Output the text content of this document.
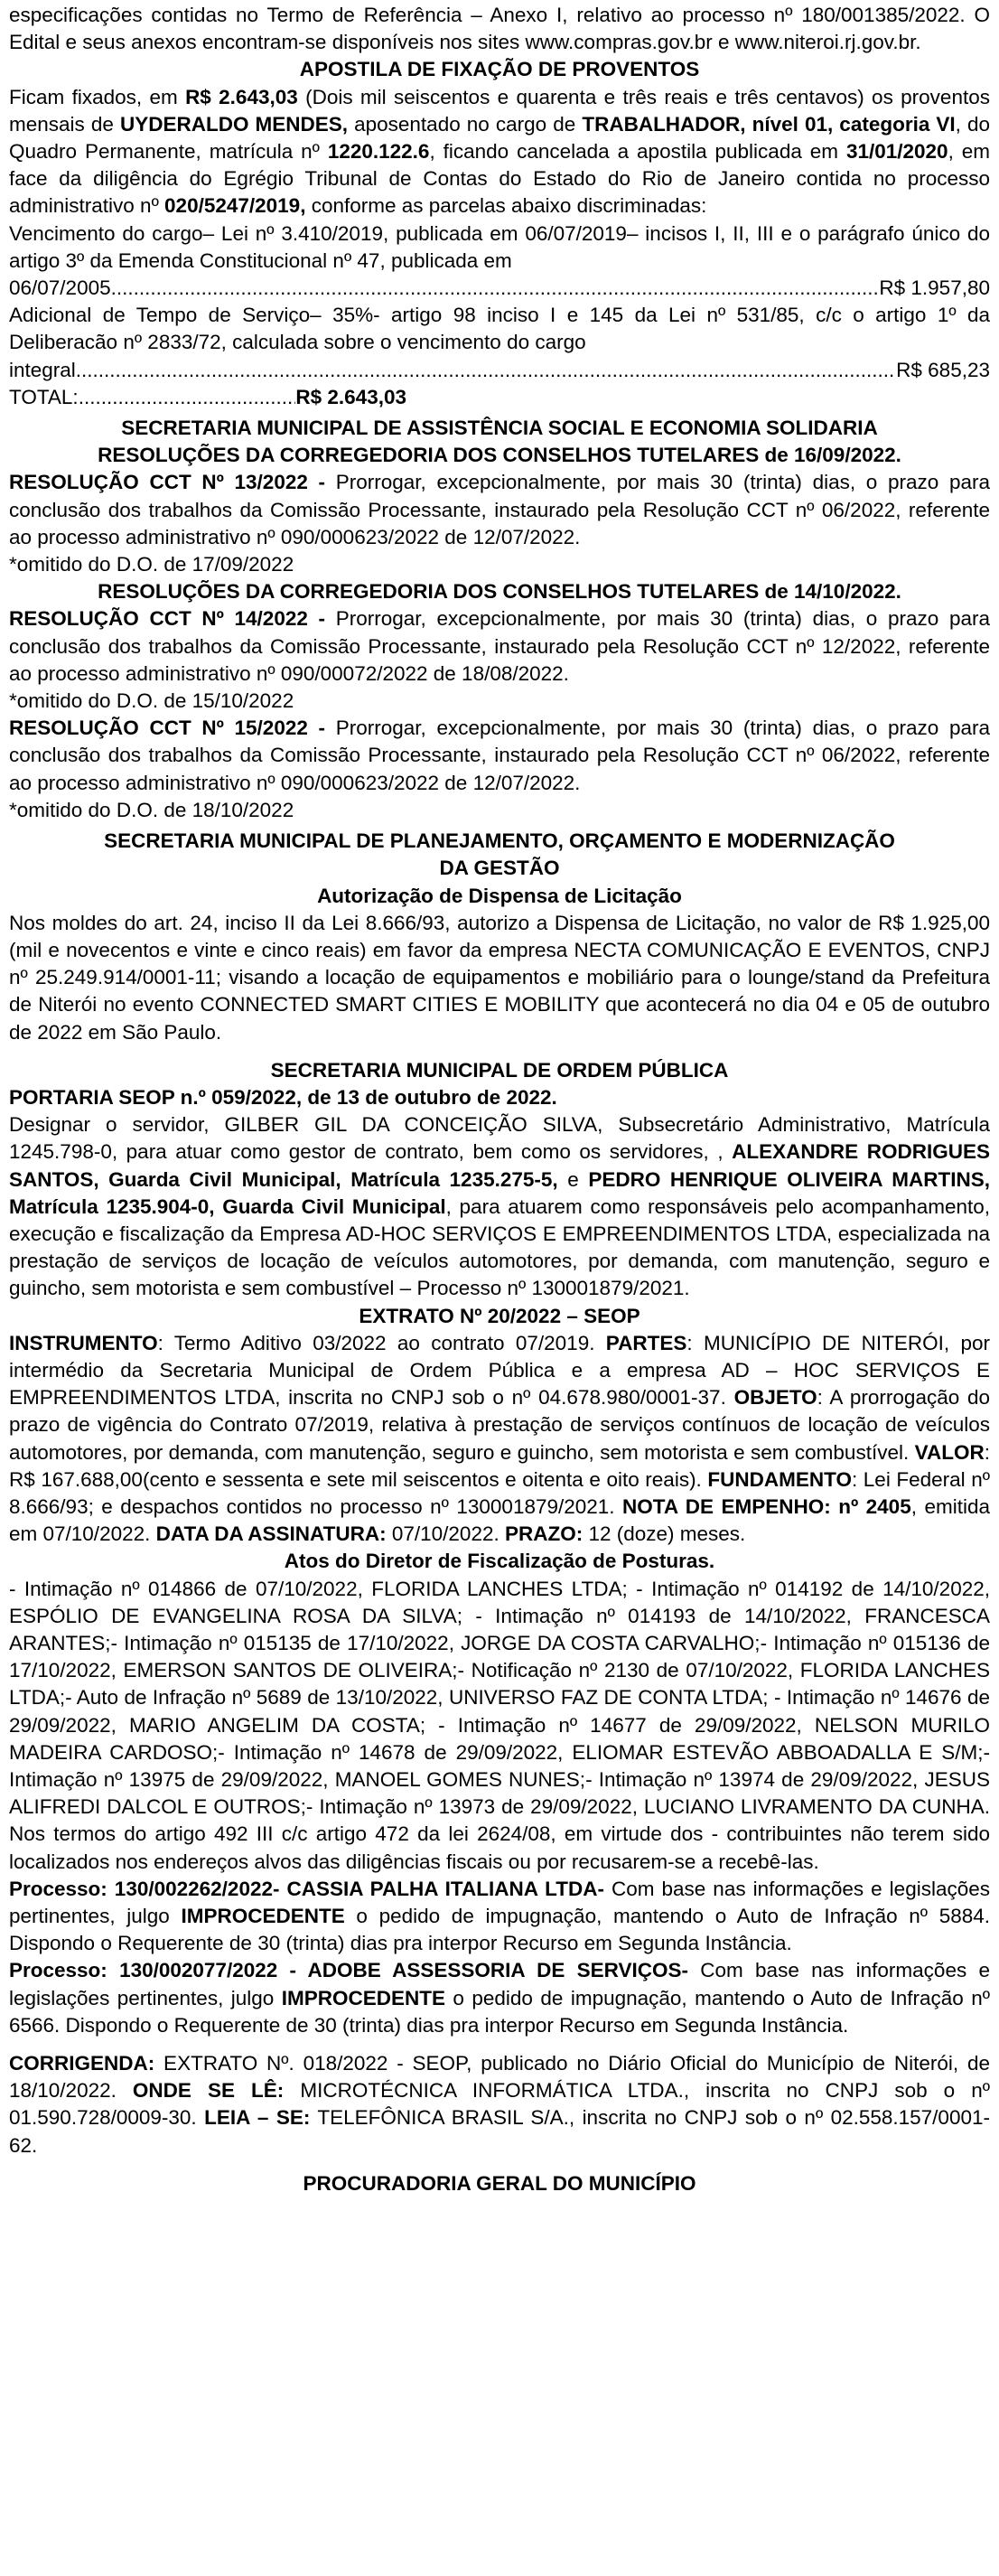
especificações contidas no Termo de Referência – Anexo I, relativo ao processo nº 180/001385/2022. O Edital e seus anexos encontram-se disponíveis nos sites www.compras.gov.br e www.niteroi.rj.gov.br.

APOSTILA DE FIXAÇÃO DE PROVENTOS

Ficam fixados, em R$ 2.643,03 (Dois mil seiscentos e quarenta e três reais e três centavos) os proventos mensais de UYDERALDO MENDES, aposentado no cargo de TRABALHADOR, nível 01, categoria VI, do Quadro Permanente, matrícula nº 1220.122.6, ficando cancelada a apostila publicada em 31/01/2020, em face da diligência do Egrégio Tribunal de Contas do Estado do Rio de Janeiro contida no processo administrativo nº 020/5247/2019, conforme as parcelas abaixo discriminadas:

Vencimento do cargo– Lei nº 3.410/2019, publicada em 06/07/2019– incisos I, II, III e o parágrafo único do artigo 3º da Emenda Constitucional nº 47, publicada em

06/07/2005 .....	R$ 1.957,80

Adicional de Tempo de Serviço– 35%- artigo 98 inciso I e 145 da Lei nº 531/85, c/c o artigo 1º da Deliberacão nº 2833/72, calculada sobre o vencimento do cargo

integral .....	R$ 685,23
TOTAL: .....	R$ 2.643,03
SECRETARIA MUNICIPAL DE ASSISTÊNCIA SOCIAL E ECONOMIA SOLIDARIA
RESOLUÇÕES DA CORREGEDORIA DOS CONSELHOS TUTELARES de 16/09/2022.

RESOLUÇÃO CCT Nº 13/2022 - Prorrogar, excepcionalmente, por mais 30 (trinta) dias, o prazo para conclusão dos trabalhos da Comissão Processante, instaurado pela Resolução CCT nº 06/2022, referente ao processo administrativo nº 090/000623/2022 de 12/07/2022.

*omitido do D.O. de 17/09/2022

RESOLUÇÕES DA CORREGEDORIA DOS CONSELHOS TUTELARES de 14/10/2022.

RESOLUÇÃO CCT Nº 14/2022 - Prorrogar, excepcionalmente, por mais 30 (trinta) dias, o prazo para conclusão dos trabalhos da Comissão Processante, instaurado pela Resolução CCT nº 12/2022, referente ao processo administrativo nº 090/00072/2022 de 18/08/2022.

*omitido do D.O. de 15/10/2022

RESOLUÇÃO CCT Nº 15/2022 - Prorrogar, excepcionalmente, por mais 30 (trinta) dias, o prazo para conclusão dos trabalhos da Comissão Processante, instaurado pela Resolução CCT nº 06/2022, referente ao processo administrativo nº 090/000623/2022 de 12/07/2022.

*omitido do D.O. de 18/10/2022

SECRETARIA MUNICIPAL DE PLANEJAMENTO, ORÇAMENTO E MODERNIZAÇÃO
DA GESTÃO
Autorização de Dispensa de Licitação

Nos moldes do art. 24, inciso II da Lei 8.666/93, autorizo a Dispensa de Licitação, no valor de R$ 1.925,00 (mil e novecentos e vinte e cinco reais) em favor da empresa NECTA COMUNICAÇÃO E EVENTOS, CNPJ nº 25.249.914/0001-11; visando a locação de equipamentos e mobiliário para o lounge/stand da Prefeitura de Niterói no evento CONNECTED SMART CITIES E MOBILITY que acontecerá no dia 04 e 05 de outubro de 2022 em São Paulo.

SECRETARIA MUNICIPAL DE ORDEM PÚBLICA

PORTARIA SEOP n.º 059/2022, de 13 de outubro de 2022.

Designar o servidor, GILBER GIL DA CONCEIÇÃO SILVA, Subsecretário Administrativo, Matrícula 1245.798-0, para atuar como gestor de contrato, bem como os servidores, , ALEXANDRE RODRIGUES SANTOS, Guarda Civil Municipal, Matrícula 1235.275-5, e PEDRO HENRIQUE OLIVEIRA MARTINS, Matrícula 1235.904-0, Guarda Civil Municipal, para atuarem como responsáveis pelo acompanhamento, execução e fiscalização da Empresa AD-HOC SERVIÇOS E EMPREENDIMENTOS LTDA, especializada na prestação de serviços de locação de veículos automotores, por demanda, com manutenção, seguro e guincho, sem motorista e sem combustível – Processo nº 130001879/2021.

EXTRATO Nº 20/2022 – SEOP

INSTRUMENTO: Termo Aditivo 03/2022 ao contrato 07/2019. PARTES: MUNICÍPIO DE NITERÓI, por intermédio da Secretaria Municipal de Ordem Pública e a empresa AD – HOC SERVIÇOS E EMPREENDIMENTOS LTDA, inscrita no CNPJ sob o nº 04.678.980/0001-37. OBJETO: A prorrogação do prazo de vigência do Contrato 07/2019, relativa à prestação de serviços contínuos de locação de veículos automotores, por demanda, com manutenção, seguro e guincho, sem motorista e sem combustível. VALOR: R$ 167.688,00(cento e sessenta e sete mil seiscentos e oitenta e oito reais). FUNDAMENTO: Lei Federal nº 8.666/93; e despachos contidos no processo nº 130001879/2021. NOTA DE EMPENHO: nº 2405, emitida em 07/10/2022. DATA DA ASSINATURA: 07/10/2022. PRAZO: 12 (doze) meses.

Atos do Diretor de Fiscalização de Posturas.

- Intimação nº 014866 de 07/10/2022, FLORIDA LANCHES LTDA; - Intimação nº 014192 de 14/10/2022, ESPÓLIO DE EVANGELINA ROSA DA SILVA; - Intimação nº 014193 de 14/10/2022, FRANCESCA ARANTES;- Intimação nº 015135 de 17/10/2022, JORGE DA COSTA CARVALHO;- Intimação nº 015136 de 17/10/2022, EMERSON SANTOS DE OLIVEIRA;- Notificação nº 2130 de 07/10/2022, FLORIDA LANCHES LTDA;- Auto de Infração nº 5689 de 13/10/2022, UNIVERSO FAZ DE CONTA LTDA; - Intimação nº 14676 de 29/09/2022, MARIO ANGELIM DA COSTA; - Intimação nº 14677 de 29/09/2022, NELSON MURILO MADEIRA CARDOSO;- Intimação nº 14678 de 29/09/2022, ELIOMAR ESTEVÃO ABBOADALLA E S/M;- Intimação nº 13975 de 29/09/2022, MANOEL GOMES NUNES;- Intimação nº 13974 de 29/09/2022, JESUS ALIFREDI DALCOL E OUTROS;- Intimação nº 13973 de 29/09/2022, LUCIANO LIVRAMENTO DA CUNHA. Nos termos do artigo 492 III c/c artigo 472 da lei 2624/08, em virtude dos - contribuintes não terem sido localizados nos endereços alvos das diligências fiscais ou por recusarem-se a recebê-las.

Processo: 130/002262/2022- CASSIA PALHA ITALIANA LTDA- Com base nas informações e legislações pertinentes, julgo IMPROCEDENTE o pedido de impugnação, mantendo o Auto de Infração nº 5884. Dispondo o Requerente de 30 (trinta) dias pra interpor Recurso em Segunda Instância.

Processo: 130/002077/2022 - ADOBE ASSESSORIA DE SERVIÇOS- Com base nas informações e legislações pertinentes, julgo IMPROCEDENTE o pedido de impugnação, mantendo o Auto de Infração nº 6566. Dispondo o Requerente de 30 (trinta) dias pra interpor Recurso em Segunda Instância.

CORRIGENDA: EXTRATO Nº. 018/2022 - SEOP, publicado no Diário Oficial do Município de Niterói, de 18/10/2022. ONDE SE LÊ: MICROTÉCNICA INFORMÁTICA LTDA., inscrita no CNPJ sob o nº 01.590.728/0009-30. LEIA – SE: TELEFÔNICA BRASIL S/A., inscrita no CNPJ sob o nº 02.558.157/0001-62.

PROCURADORIA GERAL DO MUNICÍPIO
